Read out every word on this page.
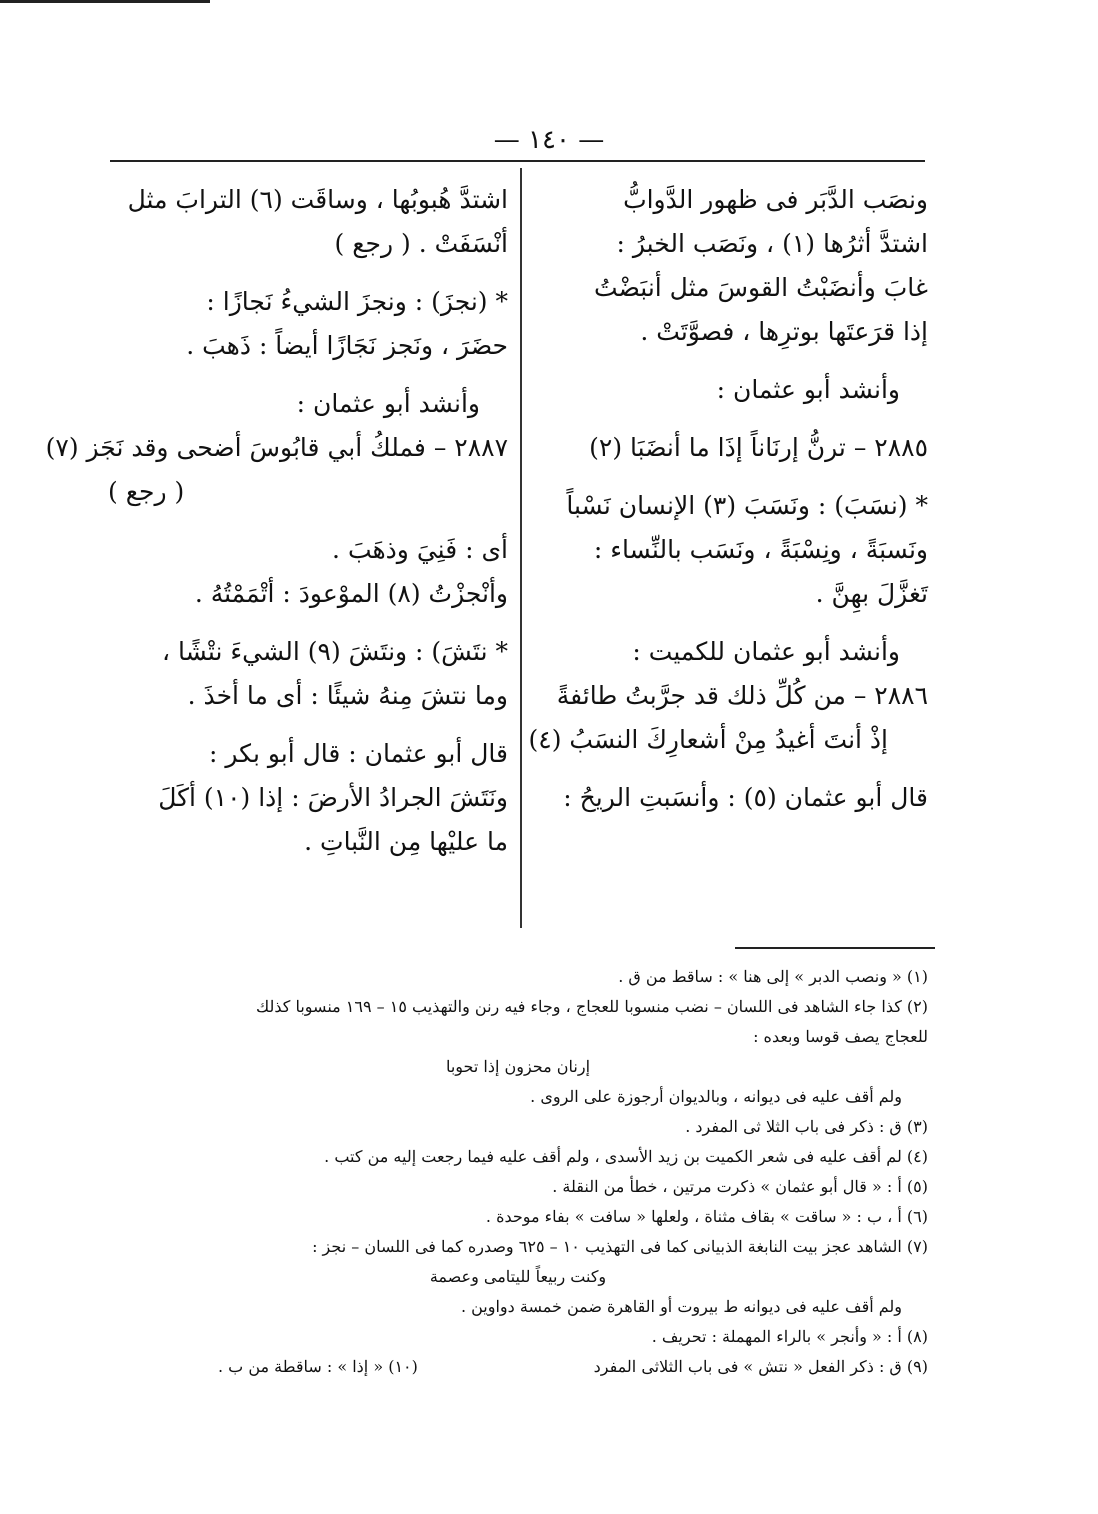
— ١٤٠ —
ونصَب الدَّبَر فى ظهور الدَّوابُّ
اشتدَّ أثرُها (١) ، ونَصَب الخبرُ :
غابَ وأنضَبْتُ القوسَ مثل أنبَضْتُ
إذا قرَعتَها بوترِها ، فصوَّتَتْ .
وأنشد أبو عثمان :
٢٨٨٥ – ترنُّ إرنَاناً إذَا ما أنضَبَا (٢)
* (نسَبَ) : ونَسَبَ (٣) الإنسان نَسْباً
ونَسبَةً ، ونِسْبَةً ، ونَسَب بالنِّساء :
تَغزَّلَ بهِنَّ .
وأنشد أبو عثمان للكميت :
٢٨٨٦ – من كُلِّ ذلك قد جرَّبتُ طائفةً
إذْ أنتَ أغيدُ مِنْ أشعارِكَ النسَبُ (٤)
قال أبو عثمان (٥) : وأنسَبتِ الريحُ :
اشتدَّ هُبوبُها ، وساقَت (٦) الترابَ مثل
أنْسَفَتْ . ( رجع )
* (نجزَ) : ونجزَ الشيءُ نَجازًا :
حضَرَ ، ونَجز نَجَازًا أيضاً : ذَهبَ .
وأنشد أبو عثمان :
٢٨٨٧ – فملكُ أبي قابُوسَ أضحى وقد نَجَز (٧)
( رجع )
أى : فَنِيَ وذهَبَ .
وأنْجزْتُ (٨) الموْعودَ : أتْمَمْتُهُ .
* نتَشَ) : ونتَشَ (٩) الشيءَ نتْشًا ،
وما نتشَ مِنهُ شيئًا : أى ما أخذَ .
قال أبو عثمان : قال أبو بكر :
ونَتَشَ الجرادُ الأرضَ : إذا (١٠) أكَلَ
ما عليْها مِن النَّباتِ .
(١) « ونصب الدبر » إلى هنا » : ساقط من ق .
(٢) كذا جاء الشاهد فى اللسان – نضب منسوبا للعجاج ، وجاء فيه رنن والتهذيب ١٥ – ١٦٩ منسوبا كذلك
للعجاج يصف قوسا وبعده :
إرنان محزون إذا تحوبا
ولم أقف عليه فى ديوانه ، وبالديوان أرجوزة على الروى .
(٣) ق : ذكر فى باب الثلا ثى المفرد .
(٤) لم أقف عليه فى شعر الكميت بن زيد الأسدى ، ولم أقف عليه فيما رجعت إليه من كتب .
(٥) أ : « قال أبو عثمان » ذكرت مرتين ، خطأ من النقلة .
(٦) أ ، ب : « ساقت » بقاف مثناة ، ولعلها « سافت » بفاء موحدة .
(٧) الشاهد عجز بيت النابغة الذبيانى كما فى التهذيب ١٠ – ٦٢٥ وصدره كما فى اللسان – نجز :
وكنت ربيعاً لليتامى وعصمة
ولم أقف عليه فى ديوانه ط بيروت أو القاهرة ضمن خمسة دواوين .
(٨) أ : « وأنجر » بالراء المهملة : تحريف .
(٩) ق : ذكر الفعل « نتش » فى باب الثلاثى المفرد
(١٠) « إذا » : ساقطة من ب .
